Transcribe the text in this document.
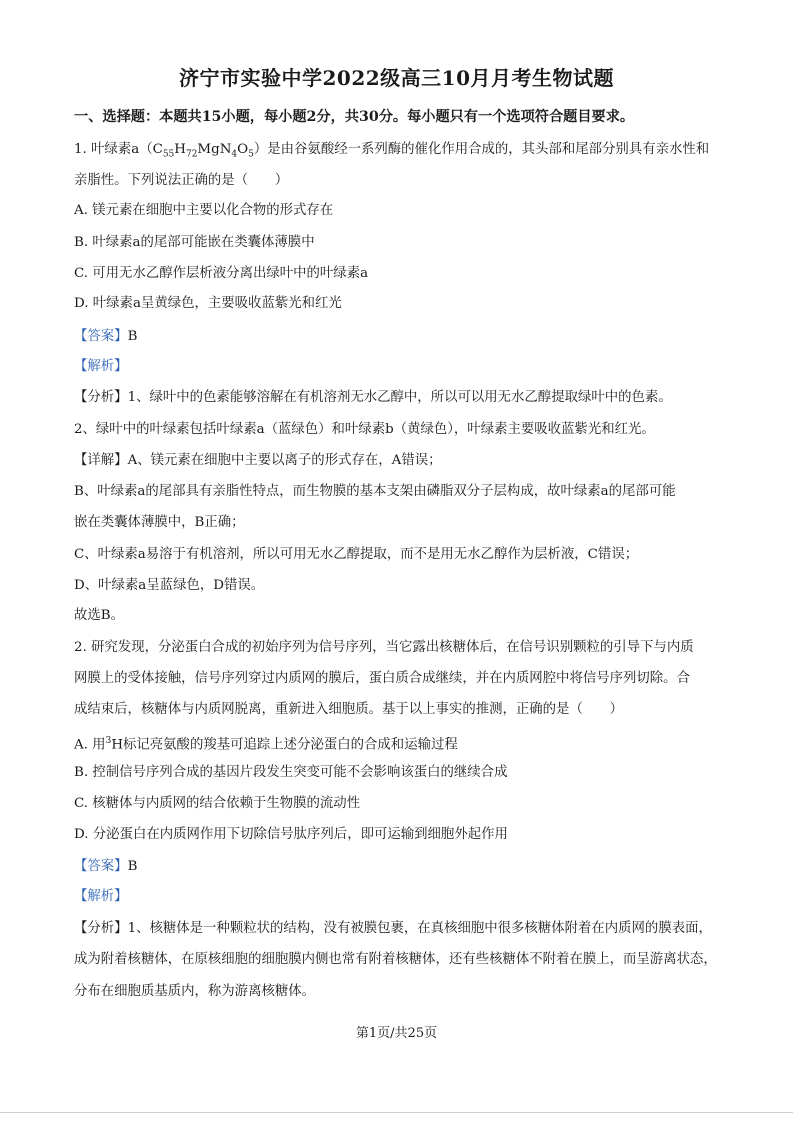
济宁市实验中学2022级高三10月月考生物试题
一、选择题：本题共15小题，每小题2分，共30分。每小题只有一个选项符合题目要求。
1. 叶绿素$a(C_{55}H_{72}MgN_4O_5)$是由谷氨酸经一系列酶的催化作用合成的，其头部和尾部分别具有亲水性和
亲脂性。下列说法正确的是（　　）
A. 镁元素在细胞中主要以化合物的形式存在
B. 叶绿素a的尾部可能嵌在类囊体薄膜中
C. 可用无水乙醇作层析液分离出绿叶中的叶绿素a
D. 叶绿素a呈黄绿色，主要吸收蓝紫光和红光
【答案】B
【解析】
【分析】1、绿叶中的色素能够溶解在有机溶剂无水乙醇中，所以可以用无水乙醇提取绿叶中的色素。
2、绿叶中的叶绿素包括叶绿素a（蓝绿色）和叶绿素b（黄绿色），叶绿素主要吸收蓝紫光和红光。
【详解】A、镁元素在细胞中主要以离子的形式存在，A错误；
B、叶绿素a的尾部具有亲脂性特点，而生物膜的基本支架由磷脂双分子层构成，故叶绿素a的尾部可能
嵌在类囊体薄膜中，B正确；
C、叶绿素a易溶于有机溶剂，所以可用无水乙醇提取，而不是用无水乙醇作为层析液，C错误；
D、叶绿素a呈蓝绿色，D错误。
故选B。
2. 研究发现，分泌蛋白合成的初始序列为信号序列，当它露出核糖体后，在信号识别颗粒的引导下与内质
网膜上的受体接触，信号序列穿过内质网的膜后，蛋白质合成继续，并在内质网腔中将信号序列切除。合
成结束后，核糖体与内质网脱离，重新进入细胞质。基于以上事实的推测，正确的是（　　）
A. 用$^3$H标记亮氨酸的羧基可追踪上述分泌蛋白的合成和运输过程
B. 控制信号序列合成的基因片段发生突变可能不会影响该蛋白的继续合成
C. 核糖体与内质网的结合依赖于生物膜的流动性
D. 分泌蛋白在内质网作用下切除信号肽序列后，即可运输到细胞外起作用
【答案】B
【解析】
【分析】1、核糖体是一种颗粒状的结构，没有被膜包裹，在真核细胞中很多核糖体附着在内质网的膜表面，
成为附着核糖体，在原核细胞的细胞膜内侧也常有附着核糖体，还有些核糖体不附着在膜上，而呈游离状态，
分布在细胞质基质内，称为游离核糖体。
第1页/共25页
